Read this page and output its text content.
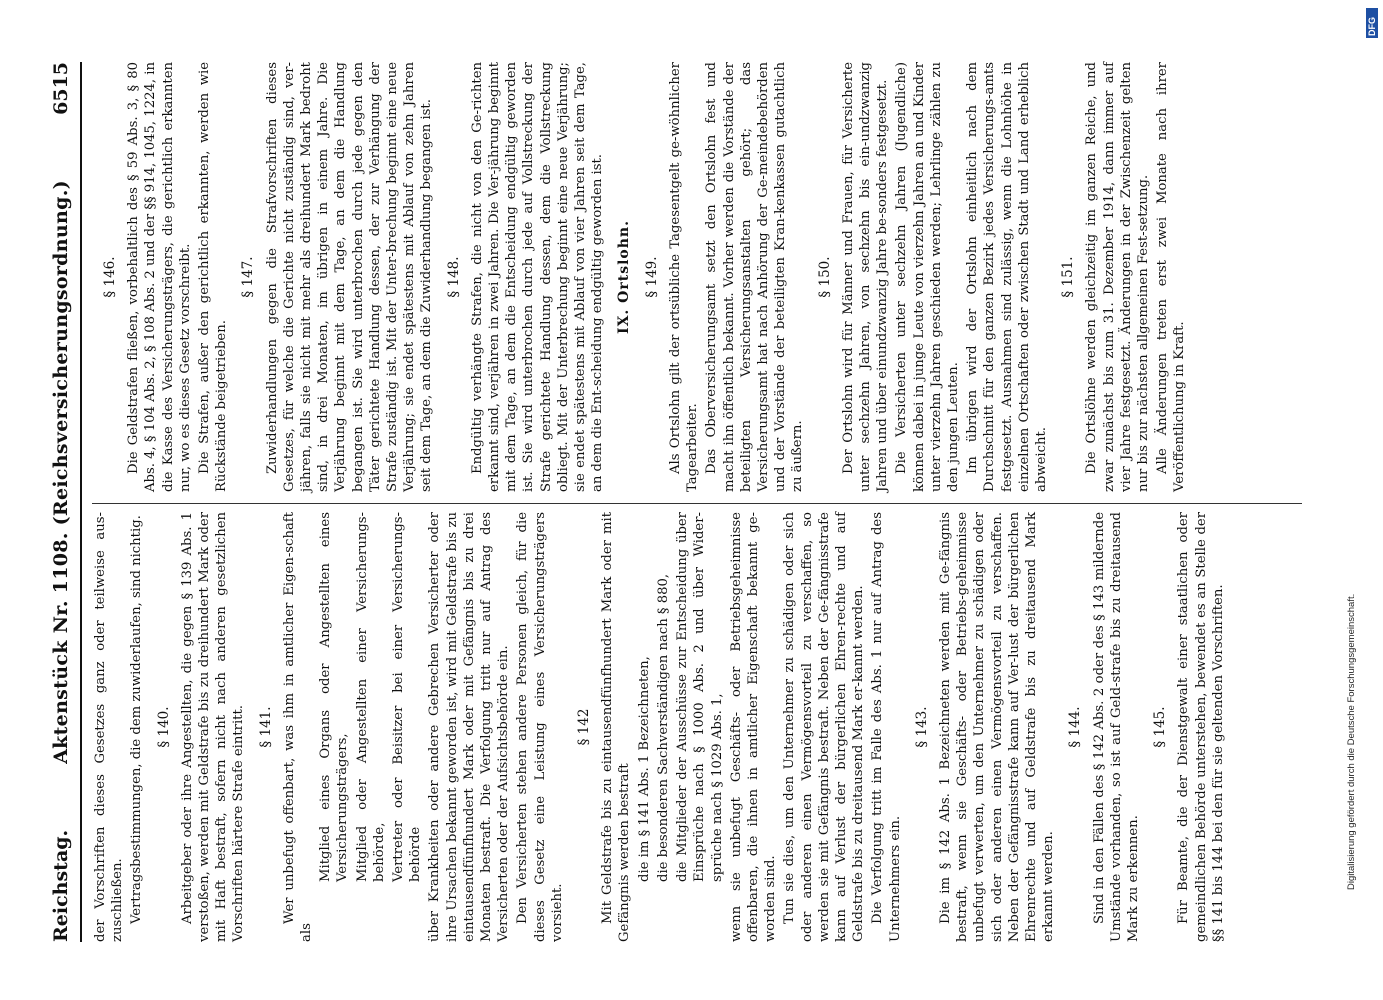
Reichstag.
Aktenstück Nr. 1108. (Reichsversicherungsordnung.)
6515

der Vorschriften dieses Gesetzes ganz oder teilweise aus-zuschließen. Vertragsbestimmungen, die dem zuwiderlaufen, sind nichtig. § 140. Arbeitgeber oder ihre Angestellten, die gegen § 139 Abs. 1 verstoßen, werden mit Geldstrafe bis zu dreihundert Mark oder mit Haft bestraft, sofern nicht nach anderen gesetzlichen Vorschriften härtere Strafe eintritt. § 141. Wer unbefugt offenbart, was ihm in amtlicher Eigen-schaft als

Mitglied eines Organs oder Angestellten eines Versicherungsträgers, Mitglied oder Angestellten einer Versicherungs-behörde, Vertreter oder Beisitzer bei einer Versicherungs-behörde über Krankheiten oder andere Gebrechen Versicherter oder ihre Ursachen bekannt geworden ist, wird mit Geldstrafe bis zu eintausendfünfhundert Mark oder mit Gefängnis bis zu drei Monaten bestraft. Die Verfolgung tritt nur auf Antrag des Versicherten oder der Aufsichtsbehörde ein. Den Versicherten stehen andere Personen gleich, für die dieses Gesetz eine Leistung eines Versicherungsträgers vorsieht.

§ 142 Mit Geldstrafe bis zu eintausendfünfhundert Mark oder mit Gefängnis werden bestraft die im § 141 Abs. 1 Bezeichneten, die besonderen Sachverständigen nach § 880, die Mitglieder der Ausschüsse zur Entscheidung über Einsprüche nach § 1000 Abs. 2 und über Wider-sprüche nach § 1029 Abs. 1, wenn sie unbefugt Geschäfts- oder Betriebsgeheimnisse offenbaren, die ihnen in amtlicher Eigenschaft bekannt ge-worden sind. Tun sie dies, um den Unternehmer zu schädigen oder sich oder anderen einen Vermögensvorteil zu verschaffen, so werden sie mit Gefängnis bestraft. Neben der Ge-fängnisstrafe kann auf Verlust der bürgerlichen Ehren-rechte und auf Geldstrafe bis zu dreitausend Mark er-kannt werden. Die Verfolgung tritt im Falle des Abs. 1 nur auf Antrag des Unternehmers ein.

§ 143. Die im § 142 Abs. 1 Bezeichneten werden mit Ge-fängnis bestraft, wenn sie Geschäfts- oder Betriebs-geheimnisse unbefugt verwerten, um den Unternehmer zu schädigen oder sich oder anderen einen Vermögensvorteil zu verschaffen. Neben der Gefängnisstrafe kann auf Ver-lust der bürgerlichen Ehrenrechte und auf Geldstrafe bis zu dreitausend Mark erkannt werden.

§ 144. Sind in den Fällen des § 142 Abs. 2 oder des § 143 mildernde Umstände vorhanden, so ist auf Geld-strafe bis zu dreitausend Mark zu erkennen.

§ 145. Für Beamte, die der Dienstgewalt einer staatlichen oder gemeindlichen Behörde unterstehen, bewendet es an Stelle der §§ 141 bis 144 bei den für sie geltenden Vorschriften.

§ 146. Die Geldstrafen fließen, vorbehaltlich des § 59 Abs. 3, § 80 Abs. 4, § 104 Abs. 2, § 108 Abs. 2 und der §§ 914, 1045, 1224, in die Kasse des Versicherungsträgers, die gerichtlich erkannten nur, wo es dieses Gesetz vorschreibt. Die Strafen, außer den gerichtlich erkannten, werden wie Rückstände beigetrieben.

§ 147. Zuwiderhandlungen gegen die Strafvorschriften dieses Gesetzes, für welche die Gerichte nicht zuständig sind, ver-jähren, falls sie nicht mit mehr als dreihundert Mark bedroht sind, in drei Monaten, im übrigen in einem Jahre. Die Verjährung beginnt mit dem Tage, an dem die Handlung begangen ist. Sie wird unterbrochen durch jede gegen den Täter gerichtete Handlung dessen, der zur Verhängung der Strafe zuständig ist. Mit der Unter-brechung beginnt eine neue Verjährung; sie endet spätestens mit Ablauf von zehn Jahren seit dem Tage, an dem die Zuwiderhandlung begangen ist. § 148. Endgültig verhängte Strafen, die nicht von den Ge-richten erkannt sind, verjähren in zwei Jahren. Die Ver-jährung beginnt mit dem Tage, an dem die Entscheidung endgültig geworden ist. Sie wird unterbrochen durch jede auf Vollstreckung der Strafe gerichtete Handlung dessen, dem die Vollstreckung obliegt. Mit der Unterbrechung beginnt eine neue Verjährung; sie endet spätestens mit Ablauf von vier Jahren seit dem Tage, an dem die Ent-scheidung endgültig geworden ist. IX. Ortslohn. § 149. Als Ortslohn gilt der ortsübliche Tagesentgelt ge-wöhnlicher Tagearbeiter. Das Oberversicherungsamt setzt den Ortslohn fest und macht ihn öffentlich bekannt. Vorher werden die Vorstände der beteiligten Versicherungsanstalten gehört; das Versicherungsamt hat nach Anhörung der Ge-meindebehörden und der Vorstände der beteiligten Kran-kenkassen gutachtlich zu äußern.

§ 150. Der Ortslohn wird für Männer und Frauen, für Versicherte unter sechzehn Jahren, von sechzehn bis ein-undzwanzig Jahren und über einundzwanzig Jahre be-sonders festgesetzt. Die Versicherten unter sechzehn Jahren (Jugendliche) können dabei in junge Leute von vierzehn Jahren an und Kinder unter vierzehn Jahren geschieden werden; Lehrlinge zählen zu den jungen Leuten. Im übrigen wird der Ortslohn einheitlich nach dem Durchschnitt für den ganzen Bezirk jedes Versicherungs-amts festgesetzt. Ausnahmen sind zulässig, wenn die Lohnhöhe in einzelnen Ortschaften oder zwischen Stadt und Land erheblich abweicht.

§ 151. Die Ortslöhne werden gleichzeitig im ganzen Reiche, und zwar zunächst bis zum 31. Dezember 1914, dann immer auf vier Jahre festgesetzt. Änderungen in der Zwischenzeit gelten nur bis zur nächsten allgemeinen Fest-setzung. Alle Änderungen treten erst zwei Monate nach ihrer Veröffentlichung in Kraft.

Digitalisierung gefördert durch die Deutsche Forschungsgemeinschaft.
DFG
